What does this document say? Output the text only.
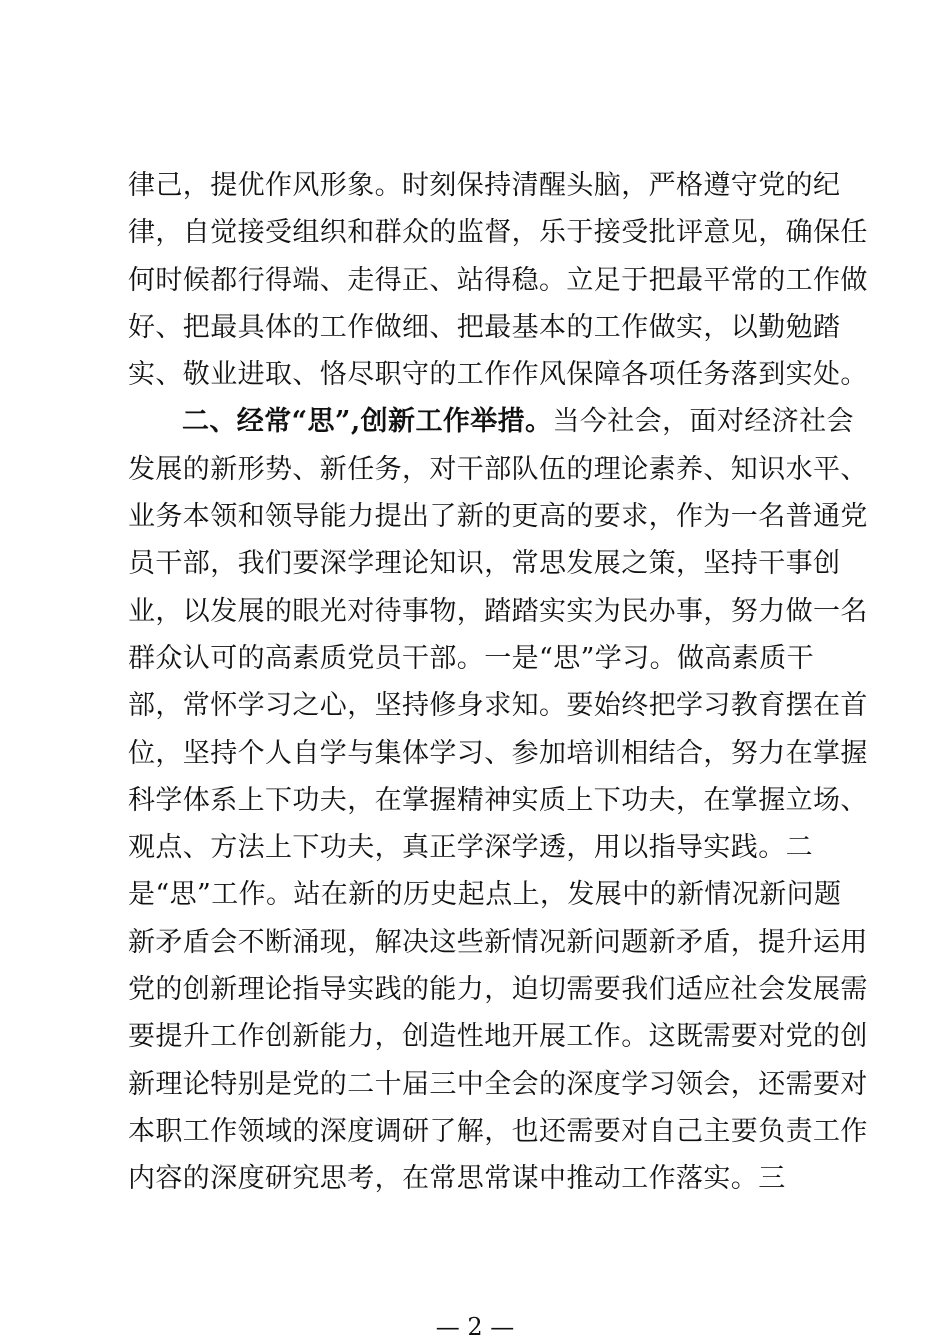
律己，提优作风形象。时刻保持清醒头脑，严格遵守党的纪
律，自觉接受组织和群众的监督，乐于接受批评意见，确保任
何时候都行得端、走得正、站得稳。立足于把最平常的工作做
好、把最具体的工作做细、把最基本的工作做实，以勤勉踏
实、敬业进取、恪尽职守的工作作风保障各项任务落到实处。
二、经常“思”,创新工作举措。当今社会，面对经济社会
发展的新形势、新任务，对干部队伍的理论素养、知识水平、
业务本领和领导能力提出了新的更高的要求，作为一名普通党
员干部，我们要深学理论知识，常思发展之策，坚持干事创
业，以发展的眼光对待事物，踏踏实实为民办事，努力做一名
群众认可的高素质党员干部。一是“思”学习。做高素质干
部，常怀学习之心，坚持修身求知。要始终把学习教育摆在首
位，坚持个人自学与集体学习、参加培训相结合，努力在掌握
科学体系上下功夫，在掌握精神实质上下功夫，在掌握立场、
观点、方法上下功夫，真正学深学透，用以指导实践。二
是“思”工作。站在新的历史起点上，发展中的新情况新问题
新矛盾会不断涌现，解决这些新情况新问题新矛盾，提升运用
党的创新理论指导实践的能力，迫切需要我们适应社会发展需
要提升工作创新能力，创造性地开展工作。这既需要对党的创
新理论特别是党的二十届三中全会的深度学习领会，还需要对
本职工作领域的深度调研了解，也还需要对自己主要负责工作
内容的深度研究思考，在常思常谋中推动工作落实。三
— 2 —
